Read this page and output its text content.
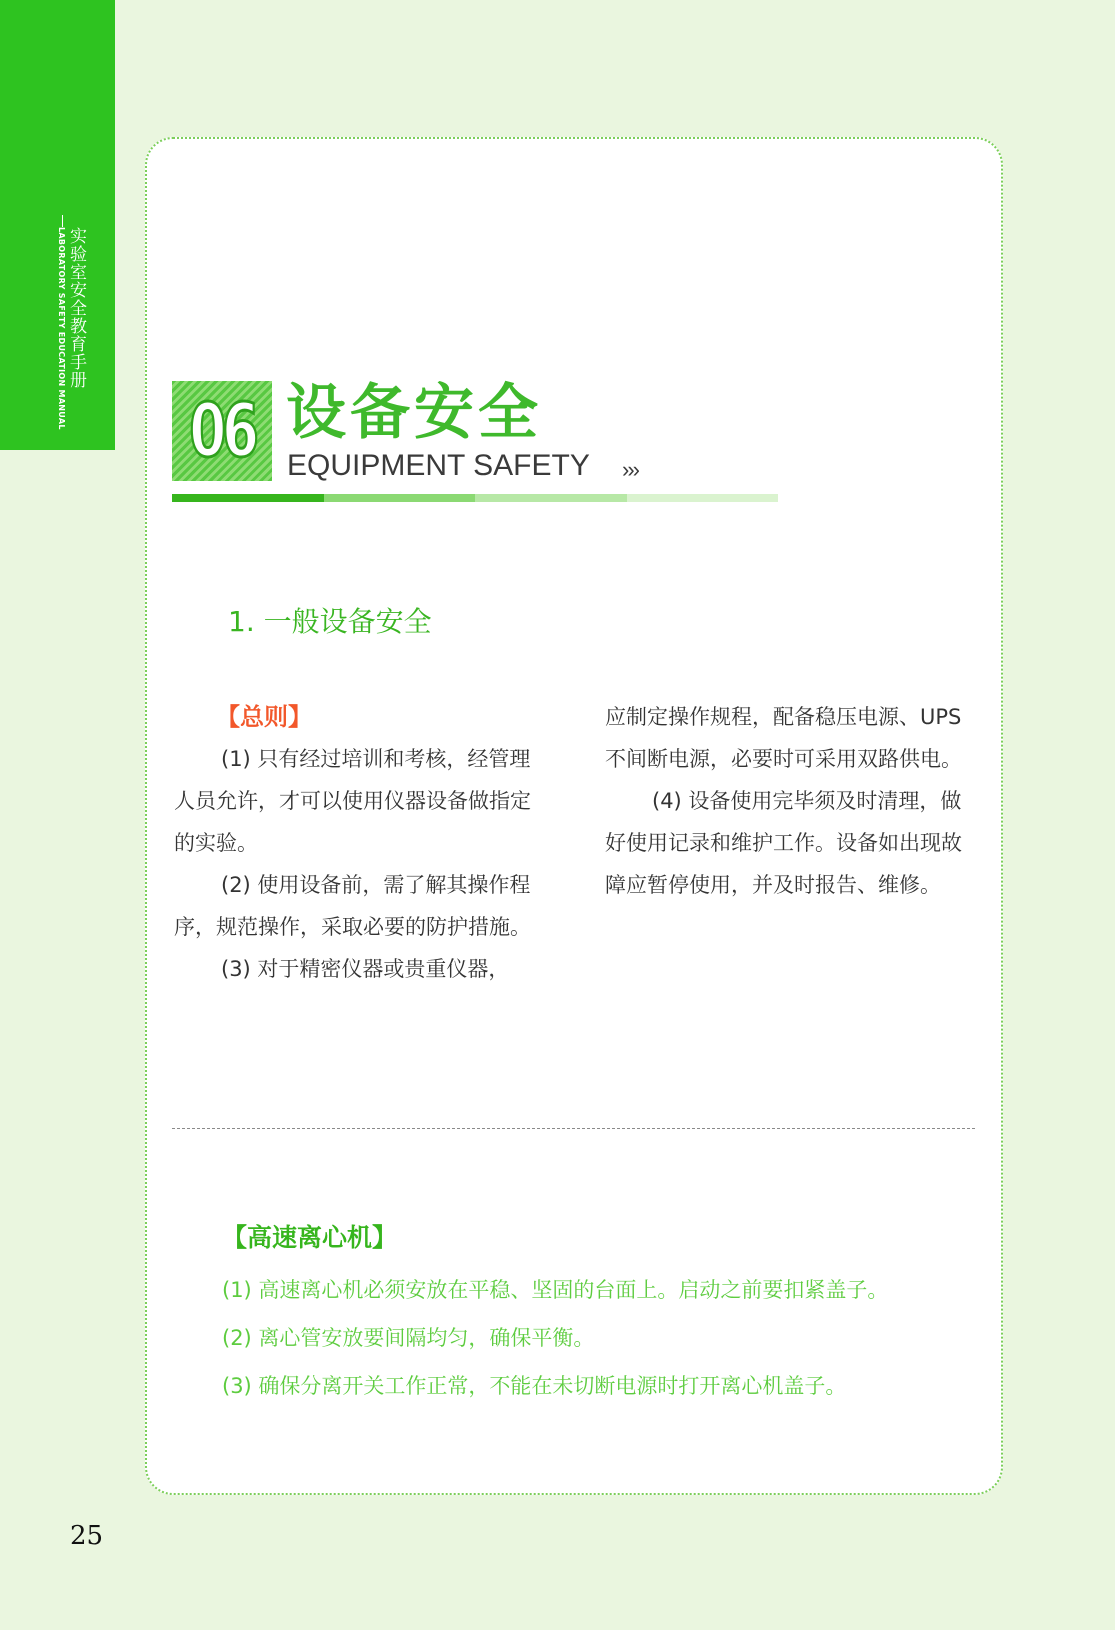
实验室安全教育手册
LABORATORY SAFETY EDUCATION MANUAL
06 设备安全
EQUIPMENT SAFETY ›››
1. 一般设备安全

【总则】

(1) 只有经过培训和考核，经管理人员允许，才可以使用仪器设备做指定的实验。

(2) 使用设备前，需了解其操作程序，规范操作，采取必要的防护措施。

(3) 对于精密仪器或贵重仪器，

应制定操作规程，配备稳压电源、UPS 不间断电源，必要时可采用双路供电。

(4) 设备使用完毕须及时清理，做好使用记录和维护工作。设备如出现故障应暂停使用，并及时报告、维修。

【高速离心机】

(1) 高速离心机必须安放在平稳、坚固的台面上。启动之前要扣紧盖子。

(2) 离心管安放要间隔均匀，确保平衡。

(3) 确保分离开关工作正常，不能在未切断电源时打开离心机盖子。

25
